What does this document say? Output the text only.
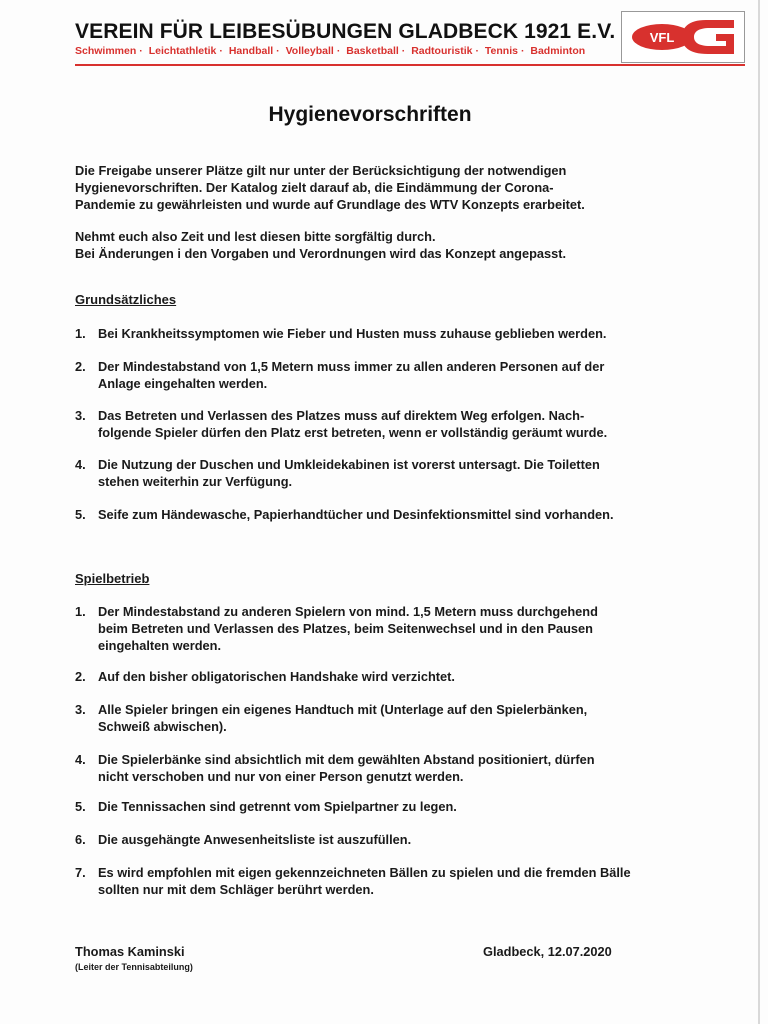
VEREIN FÜR LEIBESÜBUNGEN GLADBECK 1921 E.V.
Schwimmen · Leichtathletik · Handball · Volleyball · Basketball · Radtouristik · Tennis · Badminton
VFL
Hygienevorschriften
Die Freigabe unserer Plätze gilt nur unter der Berücksichtigung der notwendigen
Hygienevorschriften. Der Katalog zielt darauf ab, die Eindämmung der Corona-
Pandemie zu gewährleisten und wurde auf Grundlage des WTV Konzepts erarbeitet.
Nehmt euch also Zeit und lest diesen bitte sorgfältig durch.
Bei Änderungen i den Vorgaben und Verordnungen wird das Konzept angepasst.
Grundsätzliches
1. Bei Krankheitssymptomen wie Fieber und Husten muss zuhause geblieben werden.
2. Der Mindestabstand von 1,5 Metern muss immer zu allen anderen Personen auf der
Anlage eingehalten werden.
3. Das Betreten und Verlassen des Platzes muss auf direktem Weg erfolgen. Nach-
folgende Spieler dürfen den Platz erst betreten, wenn er vollständig geräumt wurde.
4. Die Nutzung der Duschen und Umkleidekabinen ist vorerst untersagt. Die Toiletten
stehen weiterhin zur Verfügung.
5. Seife zum Händewasche, Papierhandtücher und Desinfektionsmittel sind vorhanden.
Spielbetrieb
1. Der Mindestabstand zu anderen Spielern von mind. 1,5 Metern muss durchgehend
beim Betreten und Verlassen des Platzes, beim Seitenwechsel und in den Pausen
eingehalten werden.
2. Auf den bisher obligatorischen Handshake wird verzichtet.
3. Alle Spieler bringen ein eigenes Handtuch mit (Unterlage auf den Spielerbänken,
Schweiß abwischen).
4. Die Spielerbänke sind absichtlich mit dem gewählten Abstand positioniert, dürfen
nicht verschoben und nur von einer Person genutzt werden.
5. Die Tennissachen sind getrennt vom Spielpartner zu legen.
6. Die ausgehängte Anwesenheitsliste ist auszufüllen.
7. Es wird empfohlen mit eigen gekennzeichneten Bällen zu spielen und die fremden Bälle
sollten nur mit dem Schläger berührt werden.
Thomas Kaminski
(Leiter der Tennisabteilung)
Gladbeck, 12.07.2020
